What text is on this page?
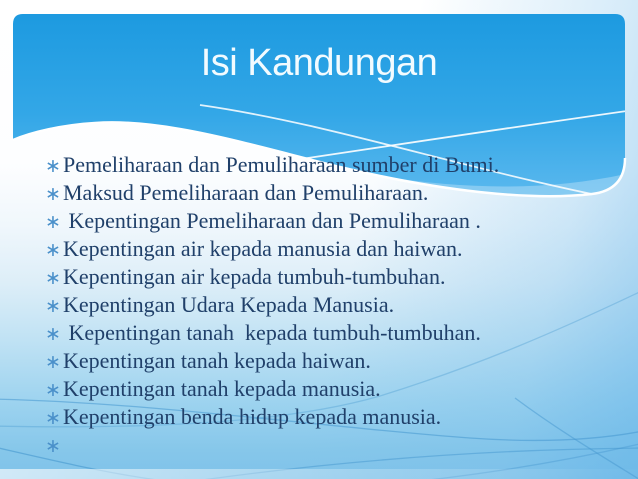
Isi Kandungan
∗Pemeliharaan dan Pemuliharaan sumber di Bumi.
∗Maksud Pemeliharaan dan Pemuliharaan.
∗ Kepentingan Pemeliharaan dan Pemuliharaan .
∗Kepentingan air kepada manusia dan haiwan.
∗Kepentingan air kepada tumbuh-tumbuhan.
∗Kepentingan Udara Kepada Manusia.
∗ Kepentingan tanah  kepada tumbuh-tumbuhan.
∗Kepentingan tanah kepada haiwan.
∗Kepentingan tanah kepada manusia.
∗Kepentingan benda hidup kepada manusia.
∗
